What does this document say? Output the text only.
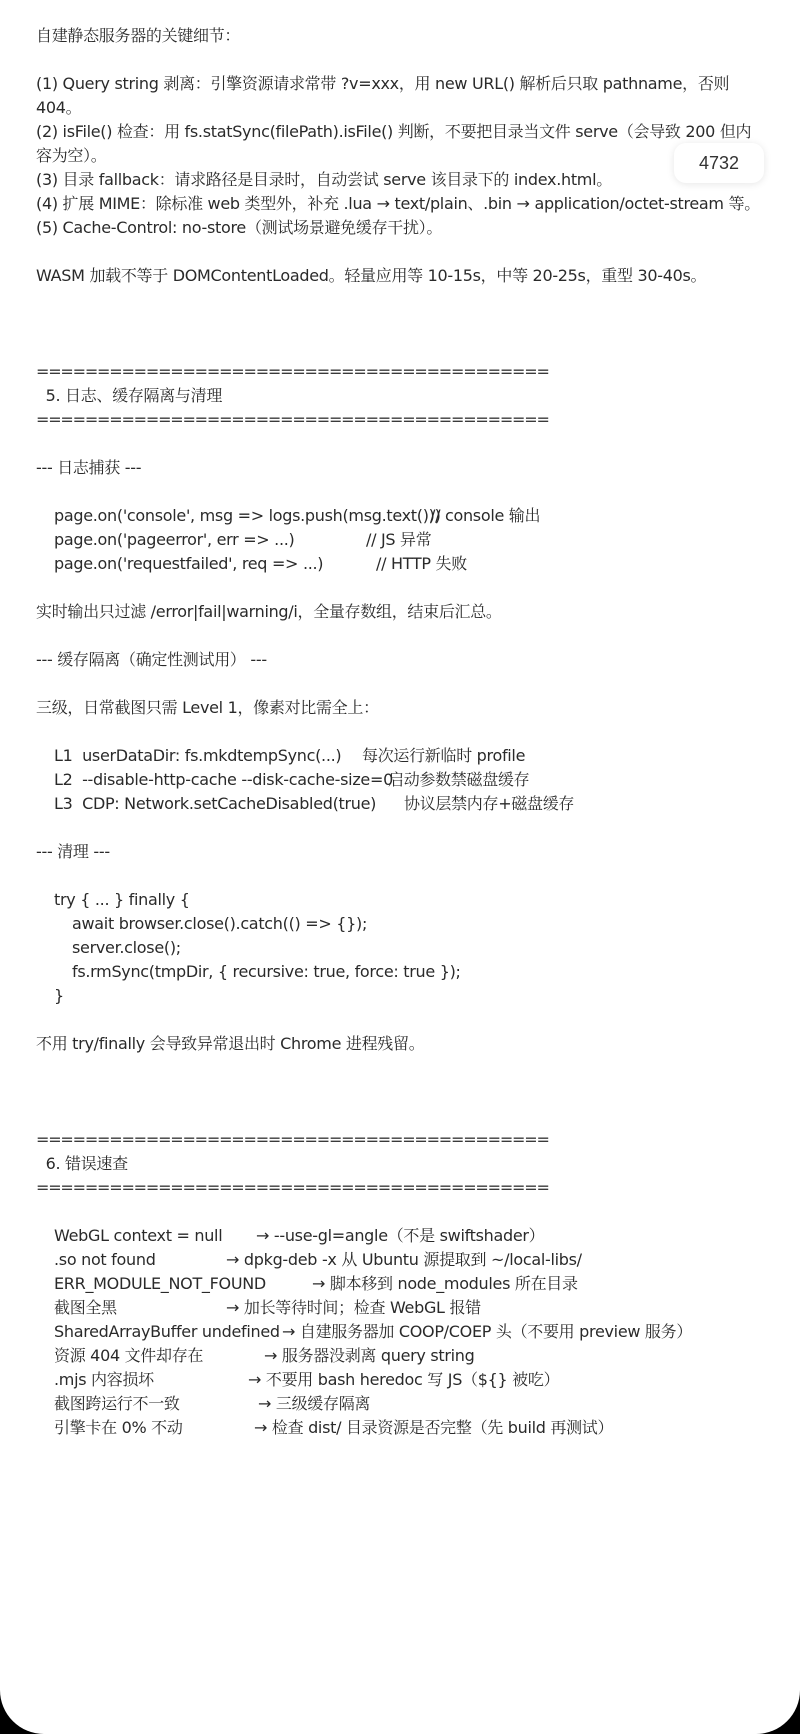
自建静态服务器的关键细节：
(1) Query string 剥离：引擎资源请求常带 ?v=xxx，用 new URL() 解析后只取 pathname，否则 404。
(2) isFile() 检查：用 fs.statSync(filePath).isFile() 判断，不要把目录当文件 serve（会导致 200 但内容为空）。
(3) 目录 fallback：请求路径是目录时，自动尝试 serve 该目录下的 index.html。
(4) 扩展 MIME：除标准 web 类型外，补充 .lua → text/plain、.bin → application/octet-stream 等。
(5) Cache-Control: no-store（测试场景避免缓存干扰）。
WASM 加载不等于 DOMContentLoaded。轻量应用等 10-15s，中等 20-25s，重型 30-40s。
==========================================
5. 日志、缓存隔离与清理
==========================================
--- 日志捕获 ---
page.on('console', msg => logs.push(msg.text()))// console 输出
page.on('pageerror', err => ...)	// JS 异常
page.on('requestfailed', req => ...)	// HTTP 失败
实时输出只过滤 /error|fail|warning/i，全量存数组，结束后汇总。
--- 缓存隔离（确定性测试用） ---
三级，日常截图只需 Level 1，像素对比需全上：
L1  userDataDir: fs.mkdtempSync(...) 每次运行新临时 profile
L2  --disable-http-cache --disk-cache-size=0启动参数禁磁盘缓存
L3  CDP: Network.setCacheDisabled(true) 协议层禁内存+磁盘缓存
--- 清理 ---
try { ... } finally {
await browser.close().catch(() => {});
server.close();
fs.rmSync(tmpDir, { recursive: true, force: true });
}
不用 try/finally 会导致异常退出时 Chrome 进程残留。
==========================================
6. 错误速查
==========================================
WebGL context = null → --use-gl=angle（不是 swiftshader）
.so not found	→ dpkg-deb -x 从 Ubuntu 源提取到 ~/local-libs/
ERR_MODULE_NOT_FOUND	→ 脚本移到 node_modules 所在目录
截图全黑	→ 加长等待时间；检查 WebGL 报错
SharedArrayBuffer undefined → 自建服务器加 COOP/COEP 头（不要用 preview 服务）
资源 404 文件却存在	→ 服务器没剥离 query string
.mjs 内容损坏	→ 不要用 bash heredoc 写 JS（${} 被吃）
截图跨运行不一致	→ 三级缓存隔离
引擎卡在 0% 不动	→ 检查 dist/ 目录资源是否完整（先 build 再测试）
4732
